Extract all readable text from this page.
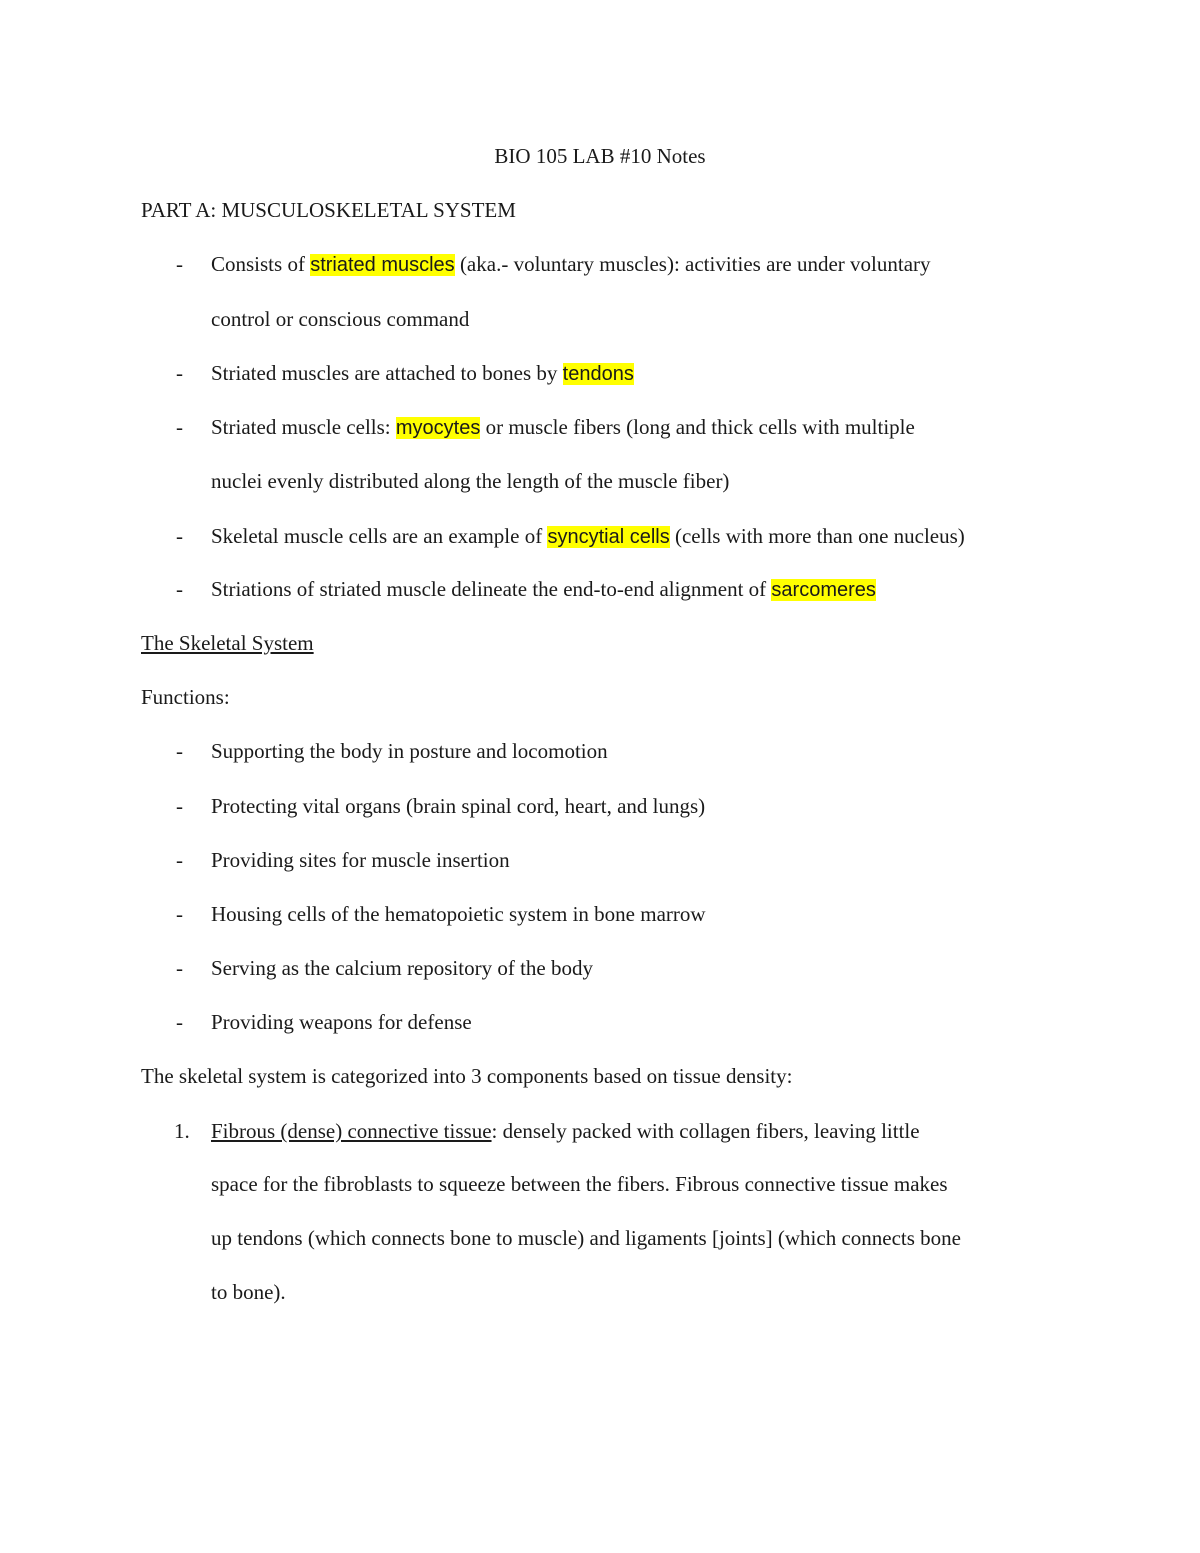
BIO 105 LAB #10 Notes
PART A: MUSCULOSKELETAL SYSTEM
- Consists of striated muscles (aka.- voluntary muscles): activities are under voluntary
control or conscious command
- Striated muscles are attached to bones by tendons
- Striated muscle cells: myocytes or muscle fibers (long and thick cells with multiple
nuclei evenly distributed along the length of the muscle fiber)
- Skeletal muscle cells are an example of syncytial cells (cells with more than one nucleus)
- Striations of striated muscle delineate the end-to-end alignment of sarcomeres
The Skeletal System
Functions:
- Supporting the body in posture and locomotion
- Protecting vital organs (brain spinal cord, heart, and lungs)
- Providing sites for muscle insertion
- Housing cells of the hematopoietic system in bone marrow
- Serving as the calcium repository of the body
- Providing weapons for defense
The skeletal system is categorized into 3 components based on tissue density:
1. Fibrous (dense) connective tissue: densely packed with collagen fibers, leaving little
space for the fibroblasts to squeeze between the fibers. Fibrous connective tissue makes
up tendons (which connects bone to muscle) and ligaments [joints] (which connects bone
to bone).
